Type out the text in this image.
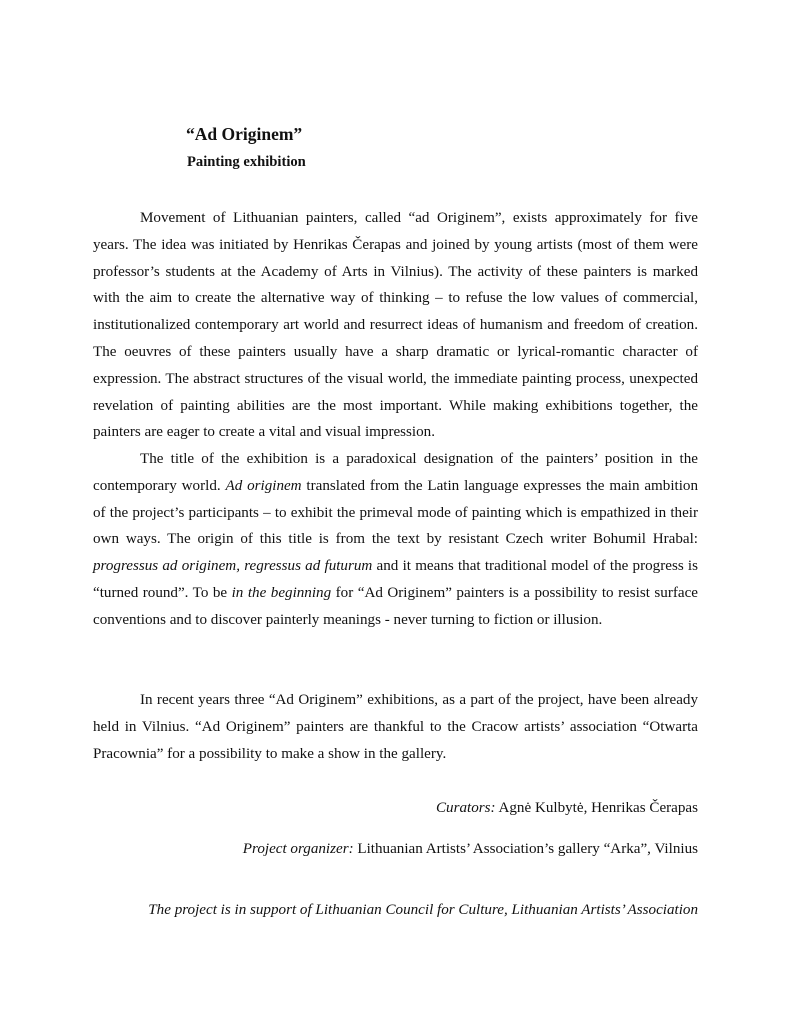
“Ad Originem”
Painting exhibition

Movement of Lithuanian painters, called “ad Originem”, exists approximately for five years. The idea was initiated by Henrikas Čerapas and joined by young artists (most of them were professor’s students at the Academy of Arts in Vilnius). The activity of these painters is marked with the aim to create the alternative way of thinking – to refuse the low values of commercial, institutionalized contemporary art world and resurrect ideas of humanism and freedom of creation. The oeuvres of these painters usually have a sharp dramatic or lyrical-romantic character of expression. The abstract structures of the visual world, the immediate painting process, unexpected revelation of painting abilities are the most important. While making exhibitions together, the painters are eager to create a vital and visual impression.

The title of the exhibition is a paradoxical designation of the painters’ position in the contemporary world. Ad originem translated from the Latin language expresses the main ambition of the project’s participants – to exhibit the primeval mode of painting which is empathized in their own ways. The origin of this title is from the text by resistant Czech writer Bohumil Hrabal: progressus ad originem, regressus ad futurum and it means that traditional model of the progress is “turned round”. To be in the beginning for “Ad Originem” painters is a possibility to resist surface conventions and to discover painterly meanings - never turning to fiction or illusion.

In recent years three “Ad Originem” exhibitions, as a part of the project, have been already held in Vilnius. “Ad Originem” painters are thankful to the Cracow artists’ association “Otwarta Pracownia” for a possibility to make a show in the gallery.

Curators: Agnė Kulbytė, Henrikas Čerapas

Project organizer: Lithuanian Artists’ Association’s gallery “Arka”, Vilnius

The project is in support of Lithuanian Council for Culture, Lithuanian Artists’ Association
